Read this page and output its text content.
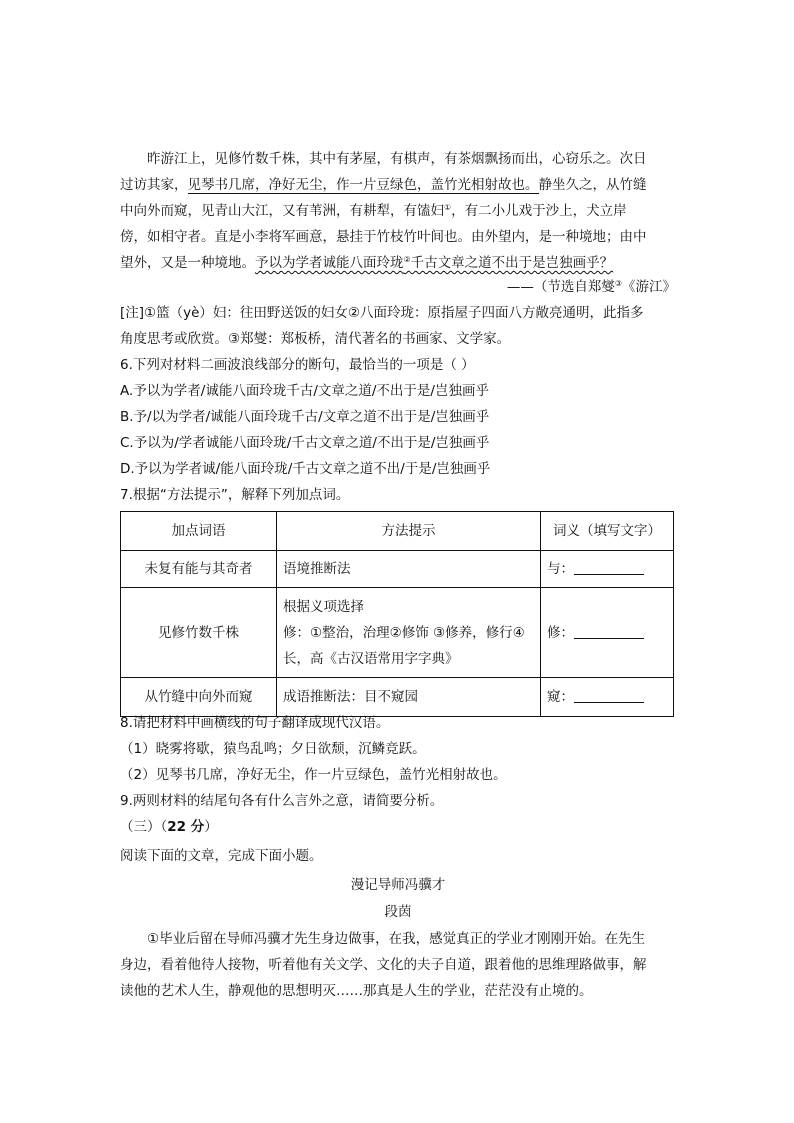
昨游江上，见修竹数千株，其中有茅屋，有棋声，有茶烟飘扬而出，心窃乐之。次日
过访其家，见琴书几席，净好无尘，作一片豆绿色，盖竹光相射故也。静坐久之，从竹缝
中向外而窥，见青山大江，又有苇洲，有耕犁，有馌妇①，有二小儿戏于沙上，犬立岸
傍，如相守者。直是小李将军画意，悬挂于竹枝竹叶间也。由外望内，是一种境地；由中
望外，又是一种境地。予以为学者诚能八面玲珑②千古文章之道不出于是岂独画乎？
——（节选自郑燮③《游江》
[注]①篮（yè）妇：往田野送饭的妇女②八面玲珑：原指屋子四面八方敞亮通明，此指多
角度思考或欣赏。③郑燮：郑板桥，清代著名的书画家、文学家。
6.下列对材料二画波浪线部分的断句，最恰当的一项是（ ）
A.予以为学者/诚能八面玲珑千古/文章之道/不出于是/岂独画乎
B.予/以为学者/诚能八面玲珑千古/文章之道不出于是/岂独画乎
C.予以为/学者诚能八面玲珑/千古文章之道/不出于是/岂独画乎
D.予以为学者诚/能八面玲珑/千古文章之道不出/于是/岂独画乎
7.根据“方法提示”，解释下列加点词。
加点词语	方法提示	词义（填写文字）
未复有能与其奇者	语境推断法	与：
见修竹数千株	根据义项选择
修：①整治，治理②修饰 ③修养，修行④
长，高《古汉语常用字字典》	修：
从竹缝中向外而窥	成语推断法：目不窥园	窥：
8.请把材料中画横线的句子翻译成现代汉语。
（1）晓雾将歇，猿鸟乱鸣；夕日欲颓，沉鳞竞跃。
（2）见琴书几席，净好无尘，作一片豆绿色，盖竹光相射故也。
9.两则材料的结尾句各有什么言外之意，请简要分析。
（三）（22 分）
阅读下面的文章，完成下面小题。
漫记导师冯骥才
段茵
①毕业后留在导师冯骥才先生身边做事，在我，感觉真正的学业才刚刚开始。在先生
身边，看着他待人接物，听着他有关文学、文化的夫子自道，跟着他的思维理路做事，解
读他的艺术人生，静观他的思想明灭……那真是人生的学业，茫茫没有止境的。
